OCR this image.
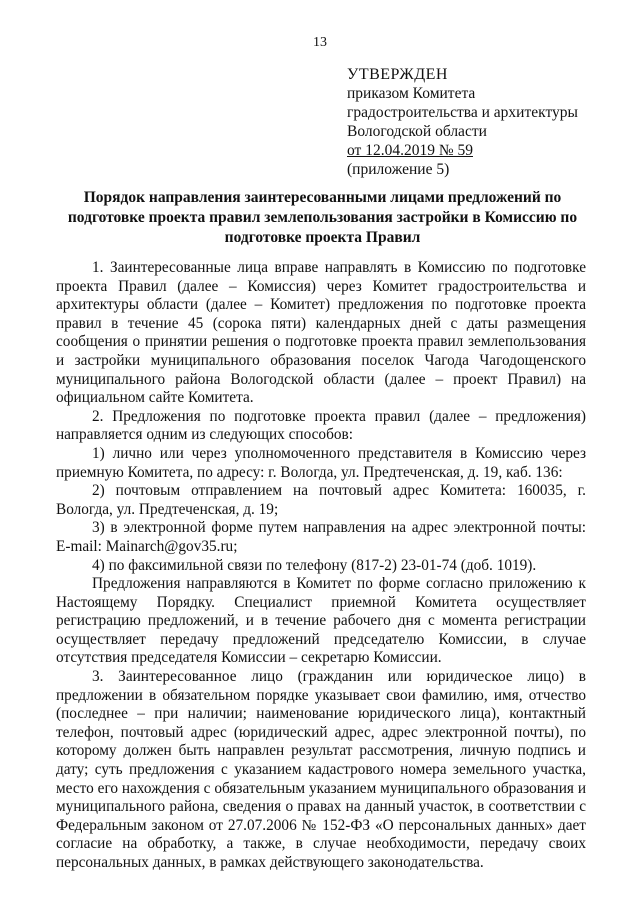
13
УТВЕРЖДЕН
приказом Комитета
градостроительства и архитектуры
Вологодской области
от 12.04.2019 № 59
(приложение 5)
Порядок направления заинтересованными лицами предложений по подготовке проекта правил землепользования застройки в Комиссию по подготовке проекта Правил

1. Заинтересованные лица вправе направлять в Комиссию по подготовке проекта Правил (далее – Комиссия) через Комитет градостроительства и архитектуры области (далее – Комитет) предложения по подготовке проекта правил в течение 45 (сорока пяти) календарных дней с даты размещения сообщения о принятии решения о подготовке проекта правил землепользования и застройки муниципального образования поселок Чагода Чагодощенского муниципального района Вологодской области (далее – проект Правил) на официальном сайте Комитета.

2. Предложения по подготовке проекта правил (далее – предложения) направляется одним из следующих способов:

1) лично или через уполномоченного представителя в Комиссию через приемную Комитета, по адресу: г. Вологда, ул. Предтеченская, д. 19, каб. 136:

2) почтовым отправлением на почтовый адрес Комитета: 160035, г. Вологда, ул. Предтеченская, д. 19;

3) в электронной форме путем направления на адрес электронной почты: E-mail: Mainarch@gov35.ru;

4) по факсимильной связи по телефону (817-2) 23-01-74 (доб. 1019).

Предложения направляются в Комитет по форме согласно приложению к Настоящему Порядку. Специалист приемной Комитета осуществляет регистрацию предложений, и в течение рабочего дня с момента регистрации осуществляет передачу предложений председателю Комиссии, в случае отсутствия председателя Комиссии – секретарю Комиссии.

3. Заинтересованное лицо (гражданин или юридическое лицо) в предложении в обязательном порядке указывает свои фамилию, имя, отчество (последнее – при наличии; наименование юридического лица), контактный телефон, почтовый адрес (юридический адрес, адрес электронной почты), по которому должен быть направлен результат рассмотрения, личную подпись и дату; суть предложения с указанием кадастрового номера земельного участка, место его нахождения с обязательным указанием муниципального образования и муниципального района, сведения о правах на данный участок, в соответствии с Федеральным законом от 27.07.2006 № 152-ФЗ «О персональных данных» дает согласие на обработку, а также, в случае необходимости, передачу своих персональных данных, в рамках действующего законодательства.
